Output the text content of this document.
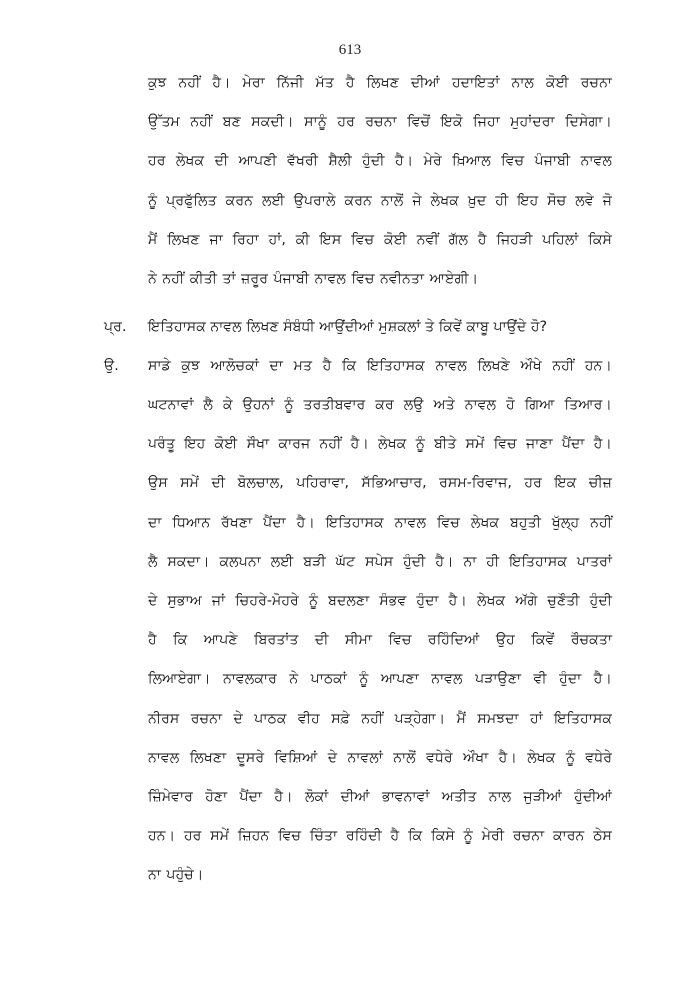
613
ਕੁਝ ਨਹੀਂ ਹੈ। ਮੇਰਾ ਨਿੱਜੀ ਮੱਤ ਹੈ ਲਿਖਣ ਦੀਆਂ ਹਦਾਇਤਾਂ ਨਾਲ ਕੋਈ ਰਚਨਾ
ਉੱਤਮ ਨਹੀਂ ਬਣ ਸਕਦੀ। ਸਾਨੂੰ ਹਰ ਰਚਨਾ ਵਿਚੋਂ ਇਕੋ ਜਿਹਾ ਮੁਹਾਂਦਰਾ ਦਿਸੇਗਾ।
ਹਰ ਲੇਖਕ ਦੀ ਆਪਣੀ ਵੱਖਰੀ ਸ਼ੈਲੀ ਹੁੰਦੀ ਹੈ। ਮੇਰੇ ਖ਼ਿਆਲ ਵਿਚ ਪੰਜਾਬੀ ਨਾਵਲ
ਨੂੰ ਪ੍ਰਫੁੱਲਿਤ ਕਰਨ ਲਈ ਉਪਰਾਲੇ ਕਰਨ ਨਾਲੋਂ ਜੇ ਲੇਖਕ ਖ਼ੁਦ ਹੀ ਇਹ ਸੋਚ ਲਵੇ ਜੋ
ਮੈਂ ਲਿਖਣ ਜਾ ਰਿਹਾ ਹਾਂ, ਕੀ ਇਸ ਵਿਚ ਕੋਈ ਨਵੀਂ ਗੱਲ ਹੈ ਜਿਹੜੀ ਪਹਿਲਾਂ ਕਿਸੇ
ਨੇ ਨਹੀਂ ਕੀਤੀ ਤਾਂ ਜ਼ਰੂਰ ਪੰਜਾਬੀ ਨਾਵਲ ਵਿਚ ਨਵੀਨਤਾ ਆਏਗੀ।
ਪ੍ਰ.	ਇਤਿਹਾਸਕ ਨਾਵਲ ਲਿਖਣ ਸੰਬੰਧੀ ਆਉਂਦੀਆਂ ਮੁਸ਼ਕਲਾਂ ਤੇ ਕਿਵੇਂ ਕਾਬੂ ਪਾਉਂਦੇ ਹੋ?
ਉ.	ਸਾਡੇ ਕੁਝ ਆਲੋਚਕਾਂ ਦਾ ਮਤ ਹੈ ਕਿ ਇਤਿਹਾਸਕ ਨਾਵਲ ਲਿਖਣੇ ਔਖੇ ਨਹੀਂ ਹਨ।
ਘਟਨਾਵਾਂ ਲੈ ਕੇ ਉਹਨਾਂ ਨੂੰ ਤਰਤੀਬਵਾਰ ਕਰ ਲਉ ਅਤੇ ਨਾਵਲ ਹੋ ਗਿਆ ਤਿਆਰ।
ਪਰੰਤੂ ਇਹ ਕੋਈ ਸੌਖਾ ਕਾਰਜ ਨਹੀਂ ਹੈ। ਲੇਖਕ ਨੂੰ ਬੀਤੇ ਸਮੇਂ ਵਿਚ ਜਾਣਾ ਪੈਂਦਾ ਹੈ।
ਉਸ ਸਮੇਂ ਦੀ ਬੋਲਚਾਲ, ਪਹਿਰਾਵਾ, ਸੱਭਿਆਚਾਰ, ਰਸਮ-ਰਿਵਾਜ, ਹਰ ਇਕ ਚੀਜ਼
ਦਾ ਧਿਆਨ ਰੱਖਣਾ ਪੈਂਦਾ ਹੈ। ਇਤਿਹਾਸਕ ਨਾਵਲ ਵਿਚ ਲੇਖਕ ਬਹੁਤੀ ਖੁੱਲ੍ਹ ਨਹੀਂ
ਲੈ ਸਕਦਾ। ਕਲਪਨਾ ਲਈ ਬੜੀ ਘੱਟ ਸਪੇਸ ਹੁੰਦੀ ਹੈ। ਨਾ ਹੀ ਇਤਿਹਾਸਕ ਪਾਤਰਾਂ
ਦੇ ਸੁਭਾਅ ਜਾਂ ਚਿਹਰੇ-ਮੋਹਰੇ ਨੂੰ ਬਦਲਣਾ ਸੰਭਵ ਹੁੰਦਾ ਹੈ। ਲੇਖਕ ਅੱਗੇ ਚੁਣੌਤੀ ਹੁੰਦੀ
ਹੈ ਕਿ ਆਪਣੇ ਬਿਰਤਾਂਤ ਦੀ ਸੀਮਾ ਵਿਚ ਰਹਿੰਦਿਆਂ ਉਹ ਕਿਵੇਂ ਰੌਚਕਤਾ
ਲਿਆਏਗਾ। ਨਾਵਲਕਾਰ ਨੇ ਪਾਠਕਾਂ ਨੂੰ ਆਪਣਾ ਨਾਵਲ ਪੜਾਉਣਾ ਵੀ ਹੁੰਦਾ ਹੈ।
ਨੀਰਸ ਰਚਨਾ ਦੇ ਪਾਠਕ ਵੀਹ ਸਫ਼ੇ ਨਹੀਂ ਪੜ੍ਹੇਗਾ। ਮੈਂ ਸਮਝਦਾ ਹਾਂ ਇਤਿਹਾਸਕ
ਨਾਵਲ ਲਿਖਣਾ ਦੂਸਰੇ ਵਿਸ਼ਿਆਂ ਦੇ ਨਾਵਲਾਂ ਨਾਲੋਂ ਵਧੇਰੇ ਔਖਾ ਹੈ। ਲੇਖਕ ਨੂੰ ਵਧੇਰੇ
ਜ਼ਿੰਮੇਵਾਰ ਹੋਣਾ ਪੈਂਦਾ ਹੈ। ਲੋਕਾਂ ਦੀਆਂ ਭਾਵਨਾਵਾਂ ਅਤੀਤ ਨਾਲ ਜੁੜੀਆਂ ਹੁੰਦੀਆਂ
ਹਨ। ਹਰ ਸਮੇਂ ਜ਼ਿਹਨ ਵਿਚ ਚਿੰਤਾ ਰਹਿੰਦੀ ਹੈ ਕਿ ਕਿਸੇ ਨੂੰ ਮੇਰੀ ਰਚਨਾ ਕਾਰਨ ਠੇਸ
ਨਾ ਪਹੁੰਚੇ।
